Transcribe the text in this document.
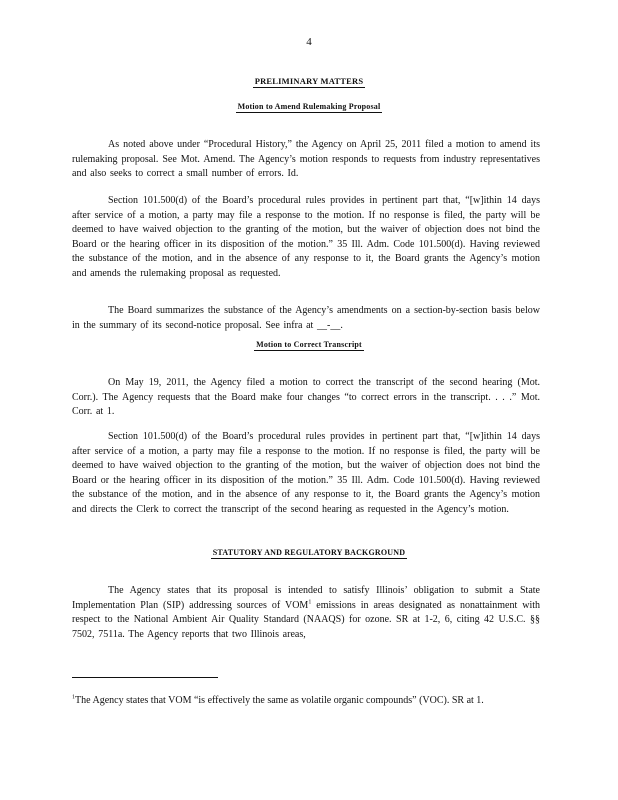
4
PRELIMINARY MATTERS
Motion to Amend Rulemaking Proposal

As noted above under “Procedural History,” the Agency on April 25, 2011 filed a motion to amend its rulemaking proposal. See Mot. Amend. The Agency’s motion responds to requests from industry representatives and also seeks to correct a small number of errors. Id.

Section 101.500(d) of the Board’s procedural rules provides in pertinent part that, “[w]ithin 14 days after service of a motion, a party may file a response to the motion. If no response is filed, the party will be deemed to have waived objection to the granting of the motion, but the waiver of objection does not bind the Board or the hearing officer in its disposition of the motion.” 35 Ill. Adm. Code 101.500(d). Having reviewed the substance of the motion, and in the absence of any response to it, the Board grants the Agency’s motion and amends the rulemaking proposal as requested.

The Board summarizes the substance of the Agency’s amendments on a section-by-section basis below in the summary of its second-notice proposal. See infra at __-__.

Motion to Correct Transcript

On May 19, 2011, the Agency filed a motion to correct the transcript of the second hearing (Mot. Corr.). The Agency requests that the Board make four changes “to correct errors in the transcript. . . .” Mot. Corr. at 1.

Section 101.500(d) of the Board’s procedural rules provides in pertinent part that, “[w]ithin 14 days after service of a motion, a party may file a response to the motion. If no response is filed, the party will be deemed to have waived objection to the granting of the motion, but the waiver of objection does not bind the Board or the hearing officer in its disposition of the motion.” 35 Ill. Adm. Code 101.500(d). Having reviewed the substance of the motion, and in the absence of any response to it, the Board grants the Agency’s motion and directs the Clerk to correct the transcript of the second hearing as requested in the Agency’s motion.

STATUTORY AND REGULATORY BACKGROUND

The Agency states that its proposal is intended to satisfy Illinois’ obligation to submit a State Implementation Plan (SIP) addressing sources of VOM$^1$ emissions in areas designated as nonattainment with respect to the National Ambient Air Quality Standard (NAAQS) for ozone. SR at 1-2, 6, citing 42 U.S.C. §§ 7502, 7511a. The Agency reports that two Illinois areas,

$^1$The Agency states that VOM “is effectively the same as volatile organic compounds” (VOC). SR at 1.
